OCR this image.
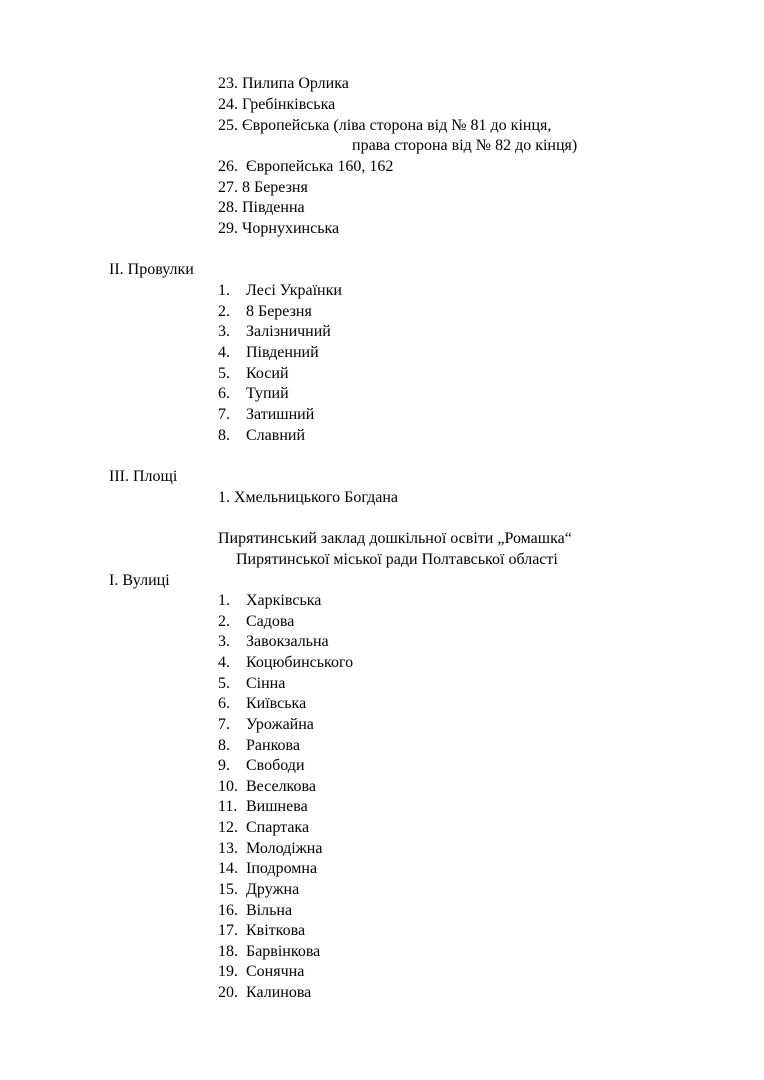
23. Пилипа Орлика
24. Гребінківська
25. Європейська (ліва сторона від № 81 до кінця,
права сторона від № 82 до кінця)
26.  Європейська 160, 162
27. 8 Березня
28. Південна
29. Чорнухинська
ІІ. Провулки
1. Лесі Українки
2. 8 Березня
3. Залізничний
4. Південний
5. Косий
6. Тупий
7. Затишний
8. Славний
ІІІ. Площі
1. Хмельницького Богдана
Пирятинський заклад дошкільної освіти „Ромашка“
Пирятинської міської ради Полтавської області
І. Вулиці
1. Харківська
2. Садова
3. Завокзальна
4. Коцюбинського
5. Сінна
6. Київська
7. Урожайна
8. Ранкова
9. Свободи
10. Веселкова
11. Вишнева
12. Спартака
13. Молодіжна
14. Іподромна
15. Дружна
16. Вільна
17. Квіткова
18. Барвінкова
19. Сонячна
20. Калинова
